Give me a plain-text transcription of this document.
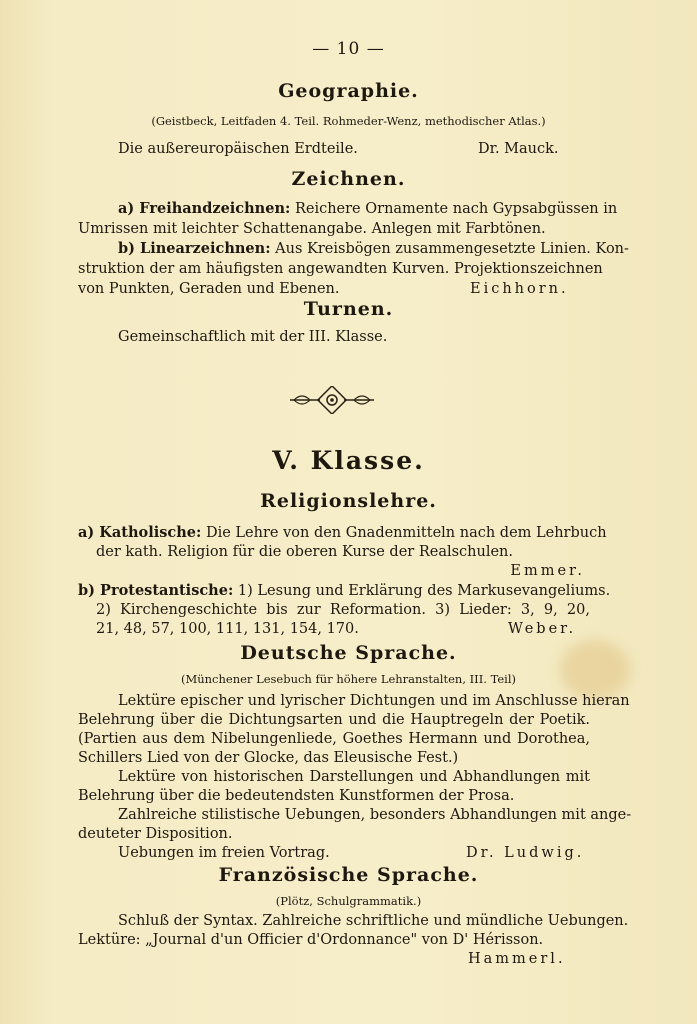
— 10 —
Geographie.
(Geistbeck, Leitfaden 4. Teil. Rohmeder-Wenz, methodischer Atlas.)
Die außereuropäischen Erdteile.	Dr. Mauck.
Zeichnen.
a) Freihandzeichnen: Reichere Ornamente nach Gypsabgüssen in
Umrissen mit leichter Schattenangabe. Anlegen mit Farbtönen.
b) Linearzeichnen: Aus Kreisbögen zusammengesetzte Linien. Kon-
struktion der am häufigsten angewandten Kurven. Projektionszeichnen
von Punkten, Geraden und Ebenen.	Eichhorn.
Turnen.
Gemeinschaftlich mit der III. Klasse.
V. Klasse.
Religionslehre.
a) Katholische: Die Lehre von den Gnadenmitteln nach dem Lehrbuch
der kath. Religion für die oberen Kurse der Realschulen.
Emmer.
b) Protestantische: 1) Lesung und Erklärung des Markusevangeliums.
2) Kirchengeschichte bis zur Reformation. 3) Lieder: 3, 9, 20,
21, 48, 57, 100, 111, 131, 154, 170.	Weber.
Deutsche Sprache.
(Münchener Lesebuch für höhere Lehranstalten, III. Teil)
Lektüre epischer und lyrischer Dichtungen und im Anschlusse hieran
Belehrung über die Dichtungsarten und die Hauptregeln der Poetik.
(Partien aus dem Nibelungenliede, Goethes Hermann und Dorothea,
Schillers Lied von der Glocke, das Eleusische Fest.)
Lektüre von historischen Darstellungen und Abhandlungen mit
Belehrung über die bedeutendsten Kunstformen der Prosa.
Zahlreiche stilistische Uebungen, besonders Abhandlungen mit ange-
deuteter Disposition.
Uebungen im freien Vortrag.	Dr. Ludwig.
Französische Sprache.
(Plötz, Schulgrammatik.)
Schluß der Syntax. Zahlreiche schriftliche und mündliche Uebungen.
Lektüre: „Journal d'un Officier d'Ordonnance" von D' Hérisson.
Hammerl.
